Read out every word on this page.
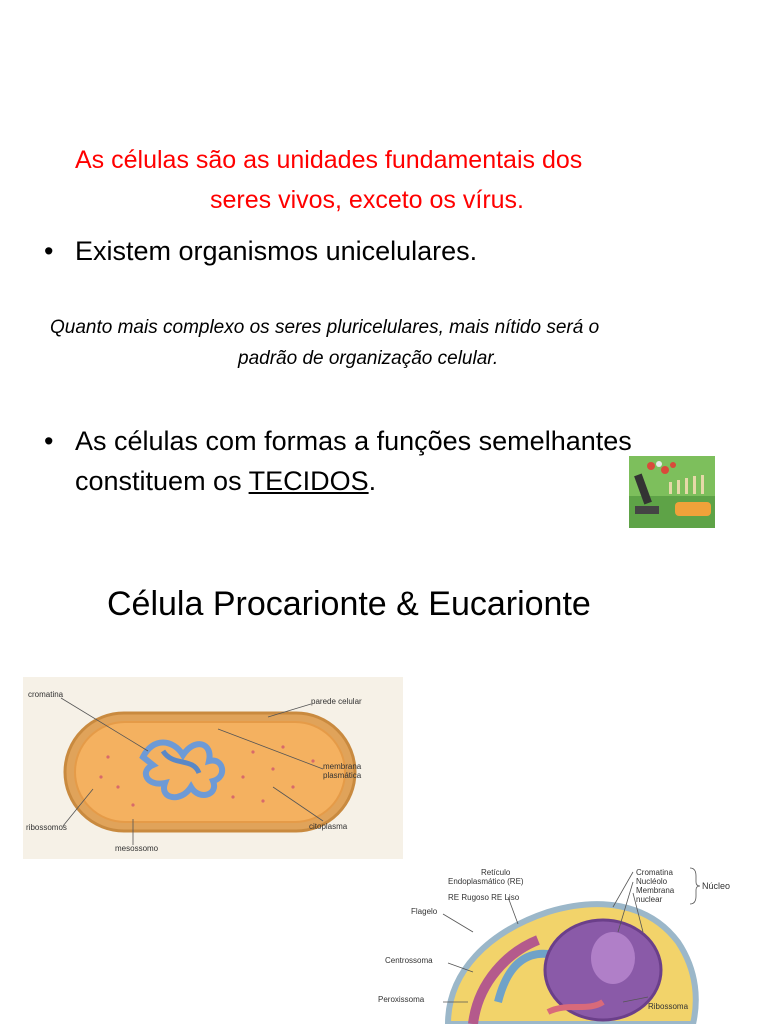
As células são as unidades fundamentais dos
seres vivos, exceto os vírus.
• Existem organismos unicelulares.
Quanto mais complexo os seres pluricelulares, mais nítido será o
padrão de organização celular.
• As células com formas a funções semelhantes
constituem os TECIDOS.
Célula Procarionte & Eucarionte
cromatina
parede celular
membrana
plasmática
ribossomos	citoplasma
mesossomo
Retículo
Endoplasmático (RE)
RE Rugoso RE Liso
Flagelo
Centrossoma
Peroxissoma
Cromatina
Nucléolo
Membrana
nuclear
Núcleo
Ribossoma
